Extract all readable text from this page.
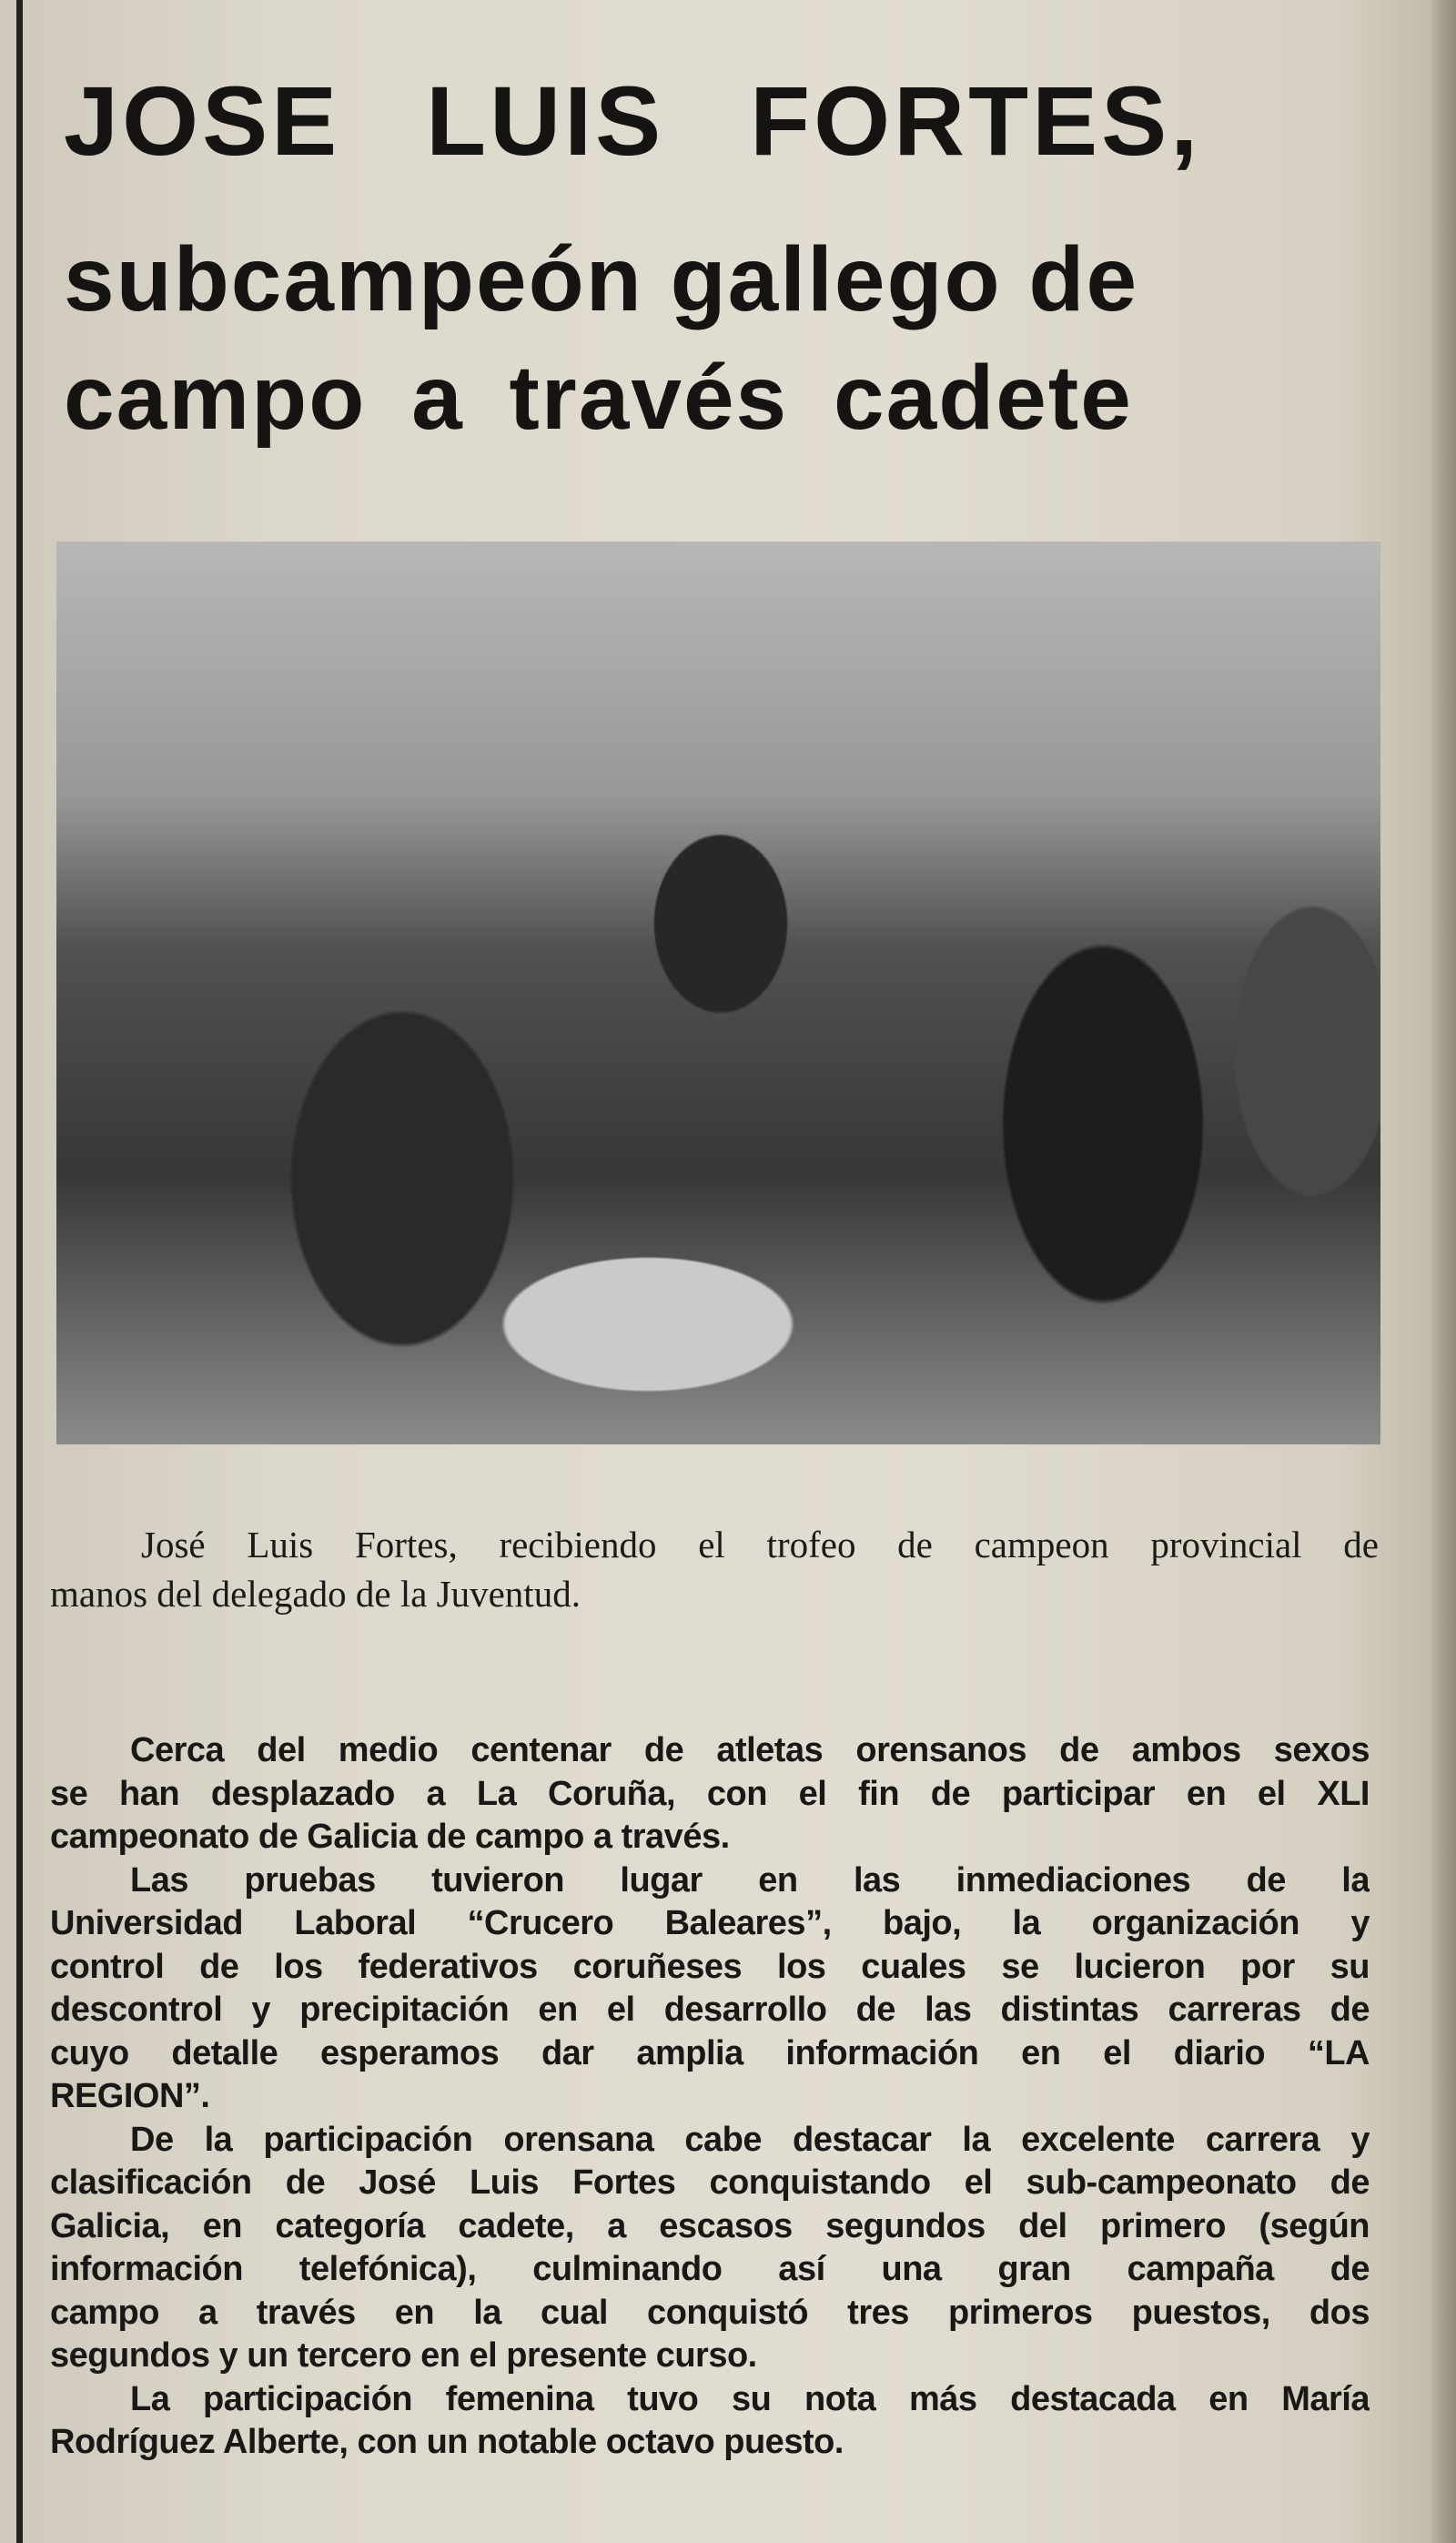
JOSE LUIS FORTES,
subcampeón gallego de
campo a través cadete
José Luis Fortes, recibiendo el trofeo de campeon provincial de
manos del delegado de la Juventud.
Cerca del medio centenar de atletas orensanos de ambos sexos
se han desplazado a La Coruña, con el fin de participar en el XLI
campeonato de Galicia de campo a través.
Las pruebas tuvieron lugar en las inmediaciones de la
Universidad Laboral “Crucero Baleares”, bajo, la organización y
control de los federativos coruñeses los cuales se lucieron por su
descontrol y precipitación en el desarrollo de las distintas carreras de
cuyo detalle esperamos dar amplia información en el diario “LA
REGION”.
De la participación orensana cabe destacar la excelente carrera y
clasificación de José Luis Fortes conquistando el sub-campeonato de
Galicia, en categoría cadete, a escasos segundos del primero (según
información telefónica), culminando así una gran campaña de
campo a través en la cual conquistó tres primeros puestos, dos
segundos y un tercero en el presente curso.
La participación femenina tuvo su nota más destacada en María
Rodríguez Alberte, con un notable octavo puesto.
